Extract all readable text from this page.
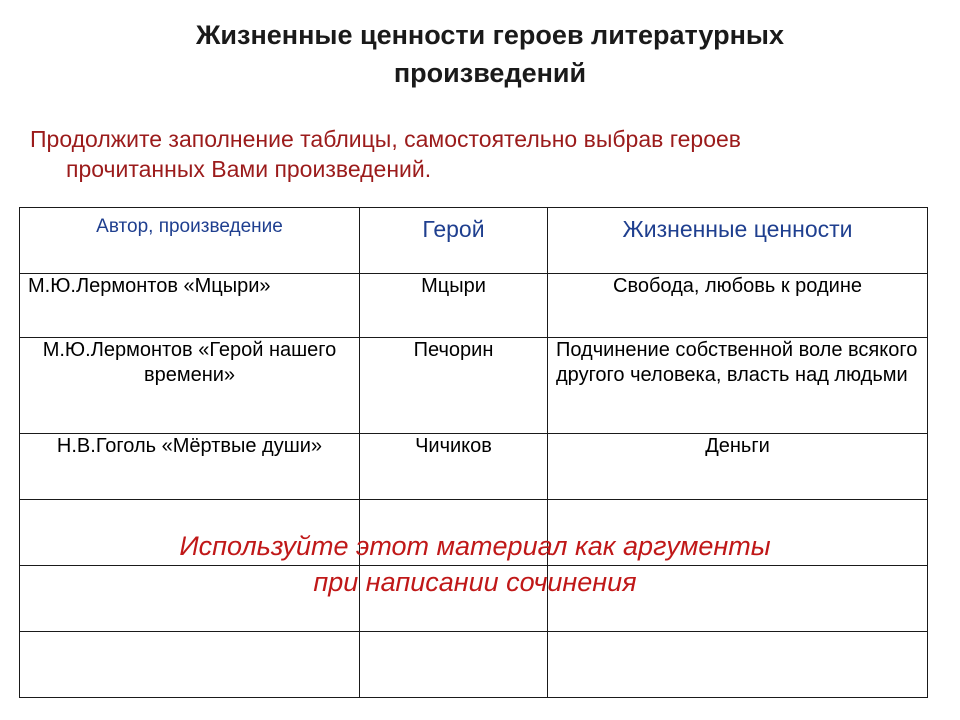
Жизненные ценности героев литературных
произведений
Продолжите заполнение таблицы, самостоятельно выбрав героев
прочитанных Вами произведений.
Автор, произведение	Герой	Жизненные ценности

М.Ю.Лермонтов «Мцыри»	Мцыри	Свобода, любовь к родине
М.Ю.Лермонтов «Герой нашего времени»	Печорин	Подчинение собственной воле всякого другого человека, власть над людьми
Н.В.Гоголь «Мёртвые души»	Чичиков	Деньги

Используйте этот материал как аргументы
при написании сочинения
